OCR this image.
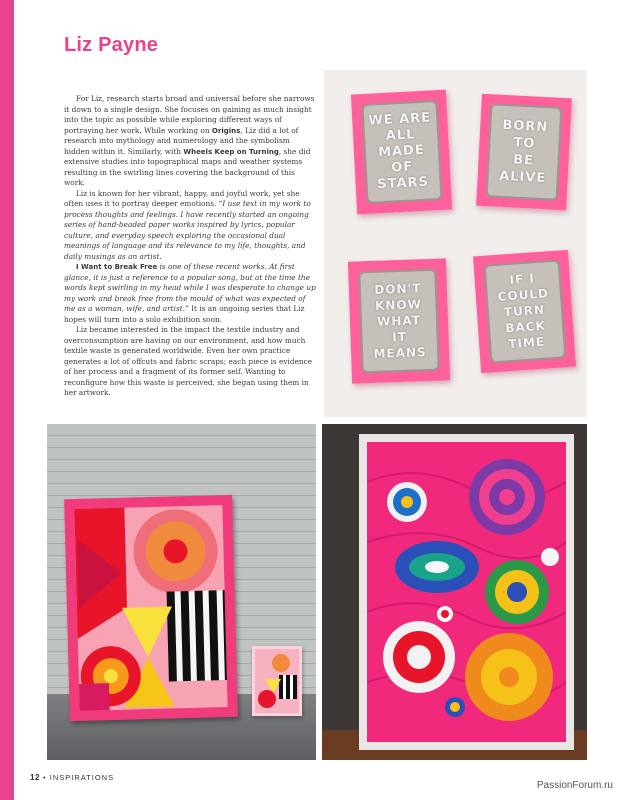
Liz Payne

For Liz, research starts broad and universal before she narrows it down to a single design. She focuses on gaining as much insight into the topic as possible while exploring different ways of portraying her work. While working on Origins, Liz did a lot of research into mythology and numerology and the symbolism hidden within it. Similarly, with Wheels Keep on Turning, she did extensive studies into topographical maps and weather systems resulting in the swirling lines covering the background of this work.

Liz is known for her vibrant, happy, and joyful work, yet she often uses it to portray deeper emotions. “I use text in my work to process thoughts and feelings. I have recently started an ongoing series of hand-beaded paper works inspired by lyrics, popular culture, and everyday speech exploring the occasional dual meanings of language and its relevance to my life, thoughts, and daily musings as an artist.

I Want to Break Free is one of these recent works. At first glance, it is just a reference to a popular song, but at the time the words kept swirling in my head while I was desperate to change up my work and break free from the mould of what was expected of me as a woman, wife, and artist.” It is an ongoing series that Liz hopes will turn into a solo exhibition soon.

Liz became interested in the impact the textile industry and overconsumption are having on our environment, and how much textile waste is generated worldwide. Even her own practice generates a lot of offcuts and fabric scraps; each piece is evidence of her process and a fragment of its former self. Wanting to reconfigure how this waste is perceived, she began using them in her artwork.

WE ARE
ALL
MADE
OF
STARS
BORN
TO
BE
ALIVE
DON'T
KNOW
WHAT
IT
MEANS
IF I
COULD
TURN
BACK
TIME
12 • INSPIRATIONS
PassionForum.ru
